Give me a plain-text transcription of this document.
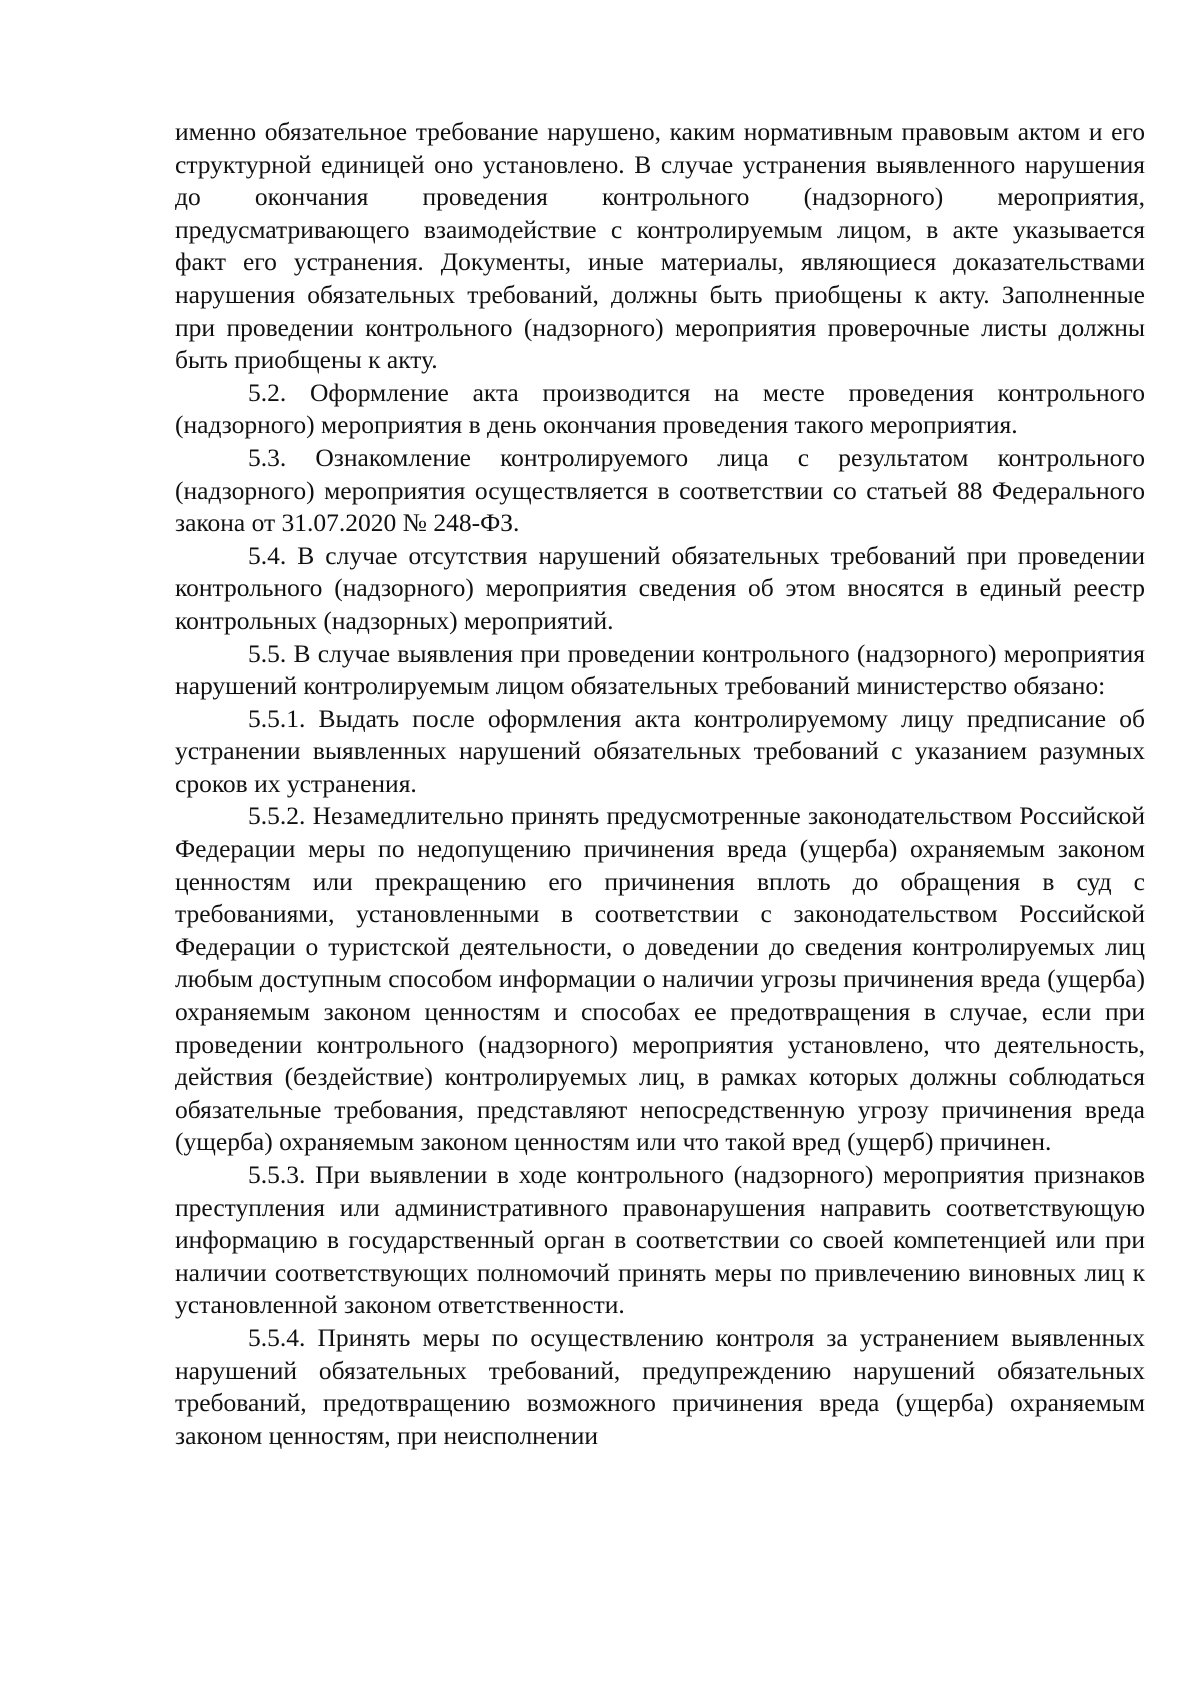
именно обязательное требование нарушено, каким нормативным правовым актом и его структурной единицей оно установлено. В случае устранения выявленного нарушения до окончания проведения контрольного (надзорного) мероприятия, предусматривающего взаимодействие с контролируемым лицом, в акте указывается факт его устранения. Документы, иные материалы, являющиеся доказательствами нарушения обязательных требований, должны быть приобщены к акту. Заполненные при проведении контрольного (надзорного) мероприятия проверочные листы должны быть приобщены к акту.

5.2. Оформление акта производится на месте проведения контрольного (надзорного) мероприятия в день окончания проведения такого мероприятия.

5.3. Ознакомление контролируемого лица с результатом контрольного (надзорного) мероприятия осуществляется в соответствии со статьей 88 Федерального закона от 31.07.2020 № 248-ФЗ.

5.4. В случае отсутствия нарушений обязательных требований при проведении контрольного (надзорного) мероприятия сведения об этом вносятся в единый реестр контрольных (надзорных) мероприятий.

5.5. В случае выявления при проведении контрольного (надзорного) мероприятия нарушений контролируемым лицом обязательных требований министерство обязано:

5.5.1. Выдать после оформления акта контролируемому лицу предписание об устранении выявленных нарушений обязательных требований с указанием разумных сроков их устранения.

5.5.2. Незамедлительно принять предусмотренные законодательством Российской Федерации меры по недопущению причинения вреда (ущерба) охраняемым законом ценностям или прекращению его причинения вплоть до обращения в суд с требованиями, установленными в соответствии с законодательством Российской Федерации о туристской деятельности, о доведении до сведения контролируемых лиц любым доступным способом информации о наличии угрозы причинения вреда (ущерба) охраняемым законом ценностям и способах ее предотвращения в случае, если при проведении контрольного (надзорного) мероприятия установлено, что деятельность, действия (бездействие) контролируемых лиц, в рамках которых должны соблюдаться обязательные требования, представляют непосредственную угрозу причинения вреда (ущерба) охраняемым законом ценностям или что такой вред (ущерб) причинен.

5.5.3. При выявлении в ходе контрольного (надзорного) мероприятия признаков преступления или административного правонарушения направить соответствующую информацию в государственный орган в соответствии со своей компетенцией или при наличии соответствующих полномочий принять меры по привлечению виновных лиц к установленной законом ответственности.

5.5.4. Принять меры по осуществлению контроля за устранением выявленных нарушений обязательных требований, предупреждению нарушений обязательных требований, предотвращению возможного причинения вреда (ущерба) охраняемым законом ценностям, при неисполнении
